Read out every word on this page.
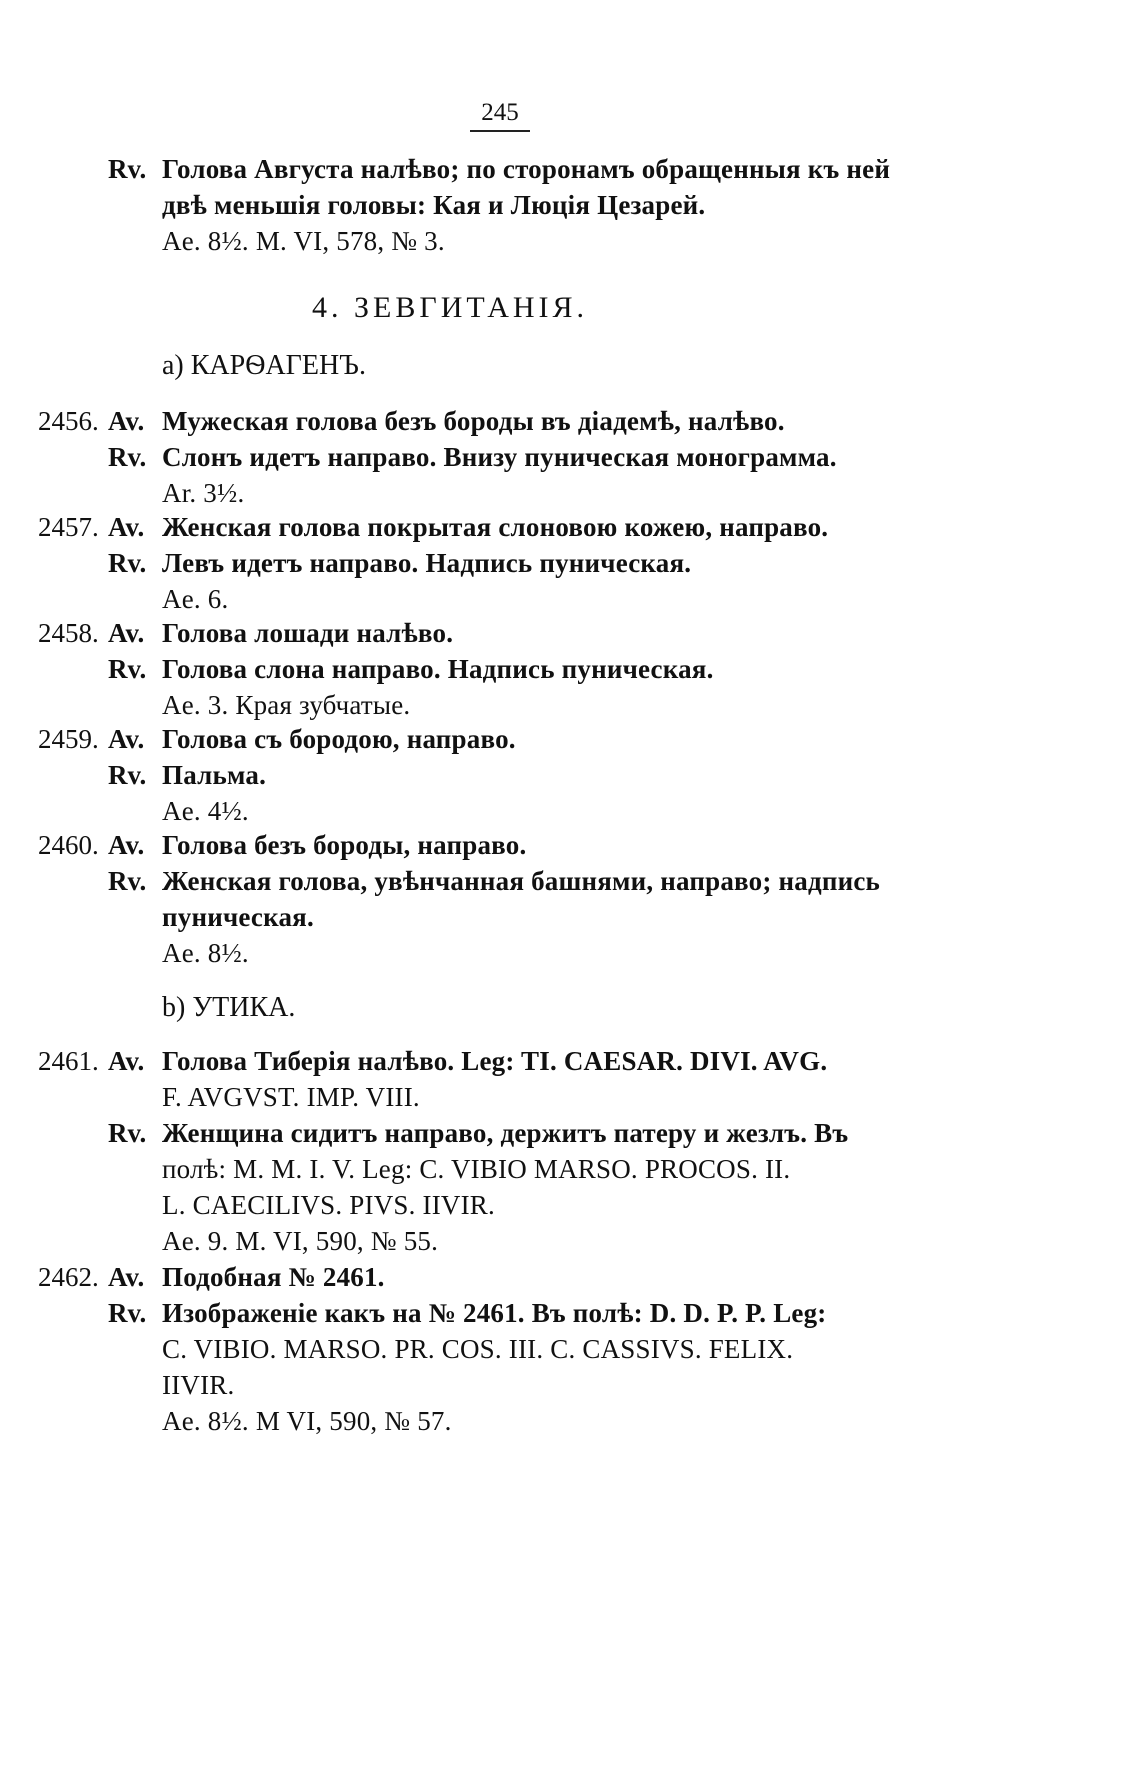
245
Rv. Голова Августа налѣво; по сторонамъ обращенныя къ ней
двѣ меньшія головы: Кая и Люція Цезарей.
Ae. 8½. M. VI, 578, № 3.
4. ЗЕВГИТАНІЯ.
a) КАРѲАГЕНЪ.
2456. Av. Мужеская голова безъ бороды въ діадемѣ, налѣво.
Rv. Слонъ идетъ направо. Внизу пуническая монограмма.
Ar. 3½.
2457. Av. Женская голова покрытая слоновою кожею, направо.
Rv. Левъ идетъ направо. Надпись пуническая.
Ae. 6.
2458. Av. Голова лошади налѣво.
Rv. Голова слона направо. Надпись пуническая.
Ae. 3. Края зубчатые.
2459. Av. Голова съ бородою, направо.
Rv. Пальма.
Ae. 4½.
2460. Av. Голова безъ бороды, направо.
Rv. Женская голова, увѣнчанная башнями, направо; надпись
пуническая.
Ae. 8½.
b) УТИКА.
2461. Av. Голова Тиберія налѣво. Leg: TI. CAESAR. DIVI. AVG.
F. AVGVST. IMP. VIII.
Rv. Женщина сидитъ направо, держитъ патеру и жезлъ. Въ
полѣ: M. M. I. V. Leg: C. VIBIO MARSO. PROCOS. II.
L. CAECILIVS. PIVS. IIVIR.
Ae. 9. M. VI, 590, № 55.
2462. Av. Подобная № 2461.
Rv. Изображеніе какъ на № 2461. Въ полѣ: D. D. P. P. Leg:
C. VIBIO. MARSO. PR. COS. III. C. CASSIVS. FELIX.
IIVIR.
Ae. 8½. M VI, 590, № 57.
